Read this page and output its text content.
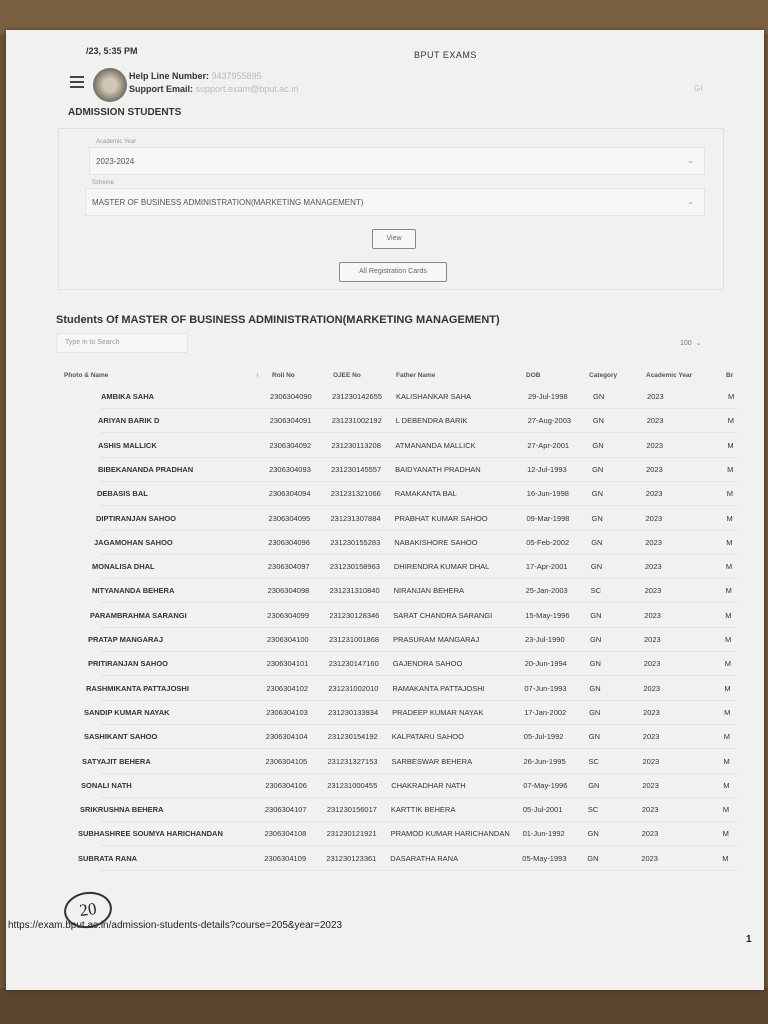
/23, 5:35 PM	BPUT EXAMS
Help Line Number: 9437955895
Support Email: support.exam@bput.ac.in	GI
ADMISSION STUDENTS
Academic Year
2023-2024	⌄
Scheme
MASTER OF BUSINESS ADMINISTRATION(MARKETING MANAGEMENT)	⌄
View
All Registration Cards
Students Of MASTER OF BUSINESS ADMINISTRATION(MARKETING MANAGEMENT)
Type in to Search	100  ⌄
Photo & Name	↑ Roll No	OJEE No	Father Name	DOB	Category	Academic Year	Br
AMBIKA SAHA	2306304090	231230142655 KALISHANKAR SAHA	29-Jul-1998	GN	2023	M
ARIYAN BARIK D	2306304091	231231002192 L DEBENDRA BARIK	27-Aug-2003	GN	2023	M
ASHIS MALLICK	2306304092	231230113208 ATMANANDA MALLICK	27-Apr-2001	GN	2023	M
BIBEKANANDA PRADHAN	2306304093	231230145557 BAIDYANATH PRADHAN	12-Jul-1993	GN	2023	M
DEBASIS BAL	2306304094	231231321066 RAMAKANTA BAL	16-Jun-1998	GN	2023	M
DIPTIRANJAN SAHOO	2306304095	231231307884 PRABHAT KUMAR SAHOO	09-Mar-1998	GN	2023	M
JAGAMOHAN SAHOO	2306304096	231230155283 NABAKISHORE SAHOO	05-Feb-2002	GN	2023	M
MONALISA DHAL	2306304097	231230158963 DHIRENDRA KUMAR DHAL	17-Apr-2001	GN	2023	M
NITYANANDA BEHERA	2306304098	231231310840 NIRANJAN BEHERA	25-Jan-2003	SC	2023	M
PARAMBRAHMA SARANGI	2306304099	231230128346 SARAT CHANDRA SARANGI	15-May-1996	GN	2023	M
PRATAP MANGARAJ	2306304100	231231001868 PRASURAM MANGARAJ	23-Jul-1990	GN	2023	M
PRITIRANJAN SAHOO	2306304101	231230147160 GAJENDRA SAHOO	20-Jun-1994	GN	2023	M
RASHMIKANTA PATTAJOSHI	2306304102	231231002010 RAMAKANTA PATTAJOSHI	07-Jun-1993	GN	2023	M
SANDIP KUMAR NAYAK	2306304103	231230133934 PRADEEP KUMAR NAYAK	17-Jan-2002	GN	2023	M
SASHIKANT SAHOO	2306304104	231230154192 KALPATARU SAHOO	05-Jul-1992	GN	2023	M
SATYAJIT BEHERA	2306304105	231231327153 SARBESWAR BEHERA	26-Jun-1995	SC	2023	M
SONALI NATH	2306304106	231231000455 CHAKRADHAR NATH	07-May-1996	GN	2023	M
SRIKRUSHNA BEHERA	2306304107	231230156017 KARTTIK BEHERA	05-Jul-2001	SC	2023	M
SUBHASHREE SOUMYA HARICHANDAN	2306304108	231230121921 PRAMOD KUMAR HARICHANDAN 01-Jun-1992	GN	2023	M
SUBRATA RANA	2306304109	231230123361 DASARATHA RANA	05-May-1993	GN	2023	M
https://exam.bput.ac.in/admission-students-details?course=205&year=2023
1
20
